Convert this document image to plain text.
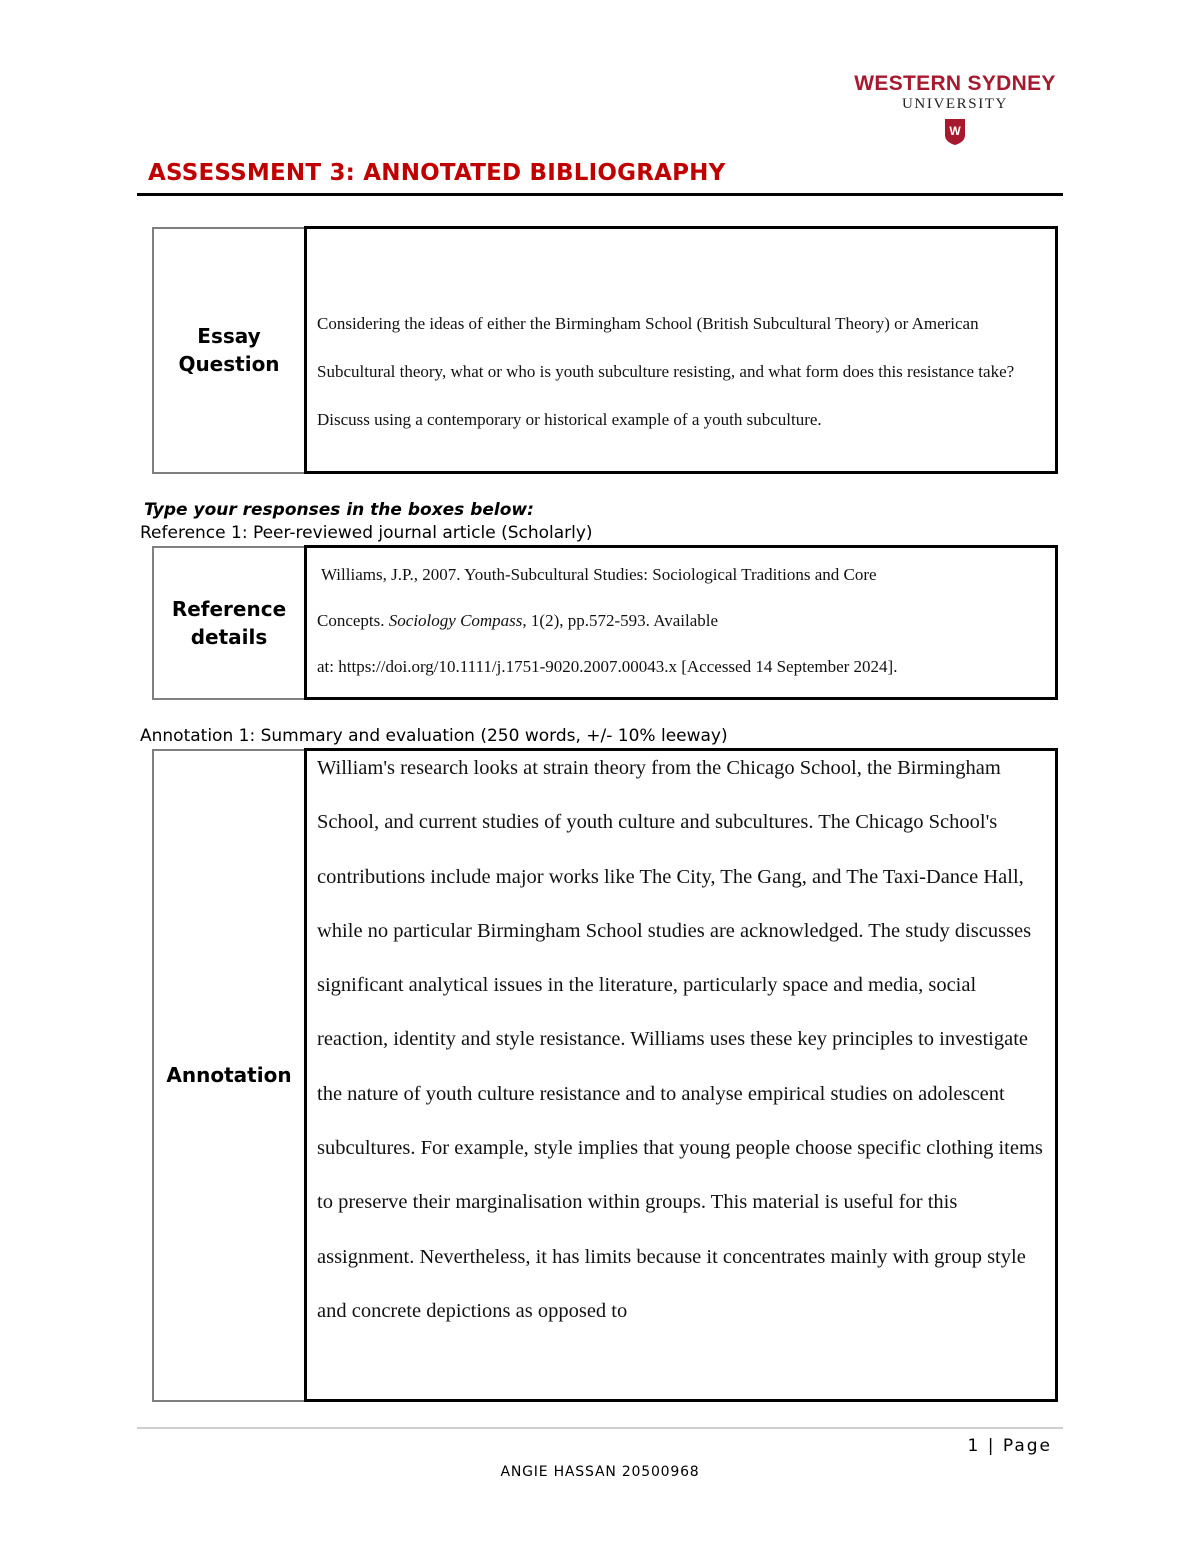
WESTERN SYDNEY
UNIVERSITY
W
ASSESSMENT 3: ANNOTATED BIBLIOGRAPHY
Essay
Question

Considering the ideas of either the Birmingham School (British Subcultural Theory) or American Subcultural theory, what or who is youth subculture resisting, and what form does this resistance take? Discuss using a contemporary or historical example of a youth subculture.
Type your responses in the boxes below:
Reference 1: Peer-reviewed journal article (Scholarly)
Reference
details

Williams, J.P., 2007. Youth-Subcultural Studies: Sociological Traditions and Core
Concepts. Sociology Compass, 1(2), pp.572-593. Available
at: https://doi.org/10.1111/j.1751-9020.2007.00043.x [Accessed 14 September 2024].
Annotation 1: Summary and evaluation (250 words, +/- 10% leeway)
Annotation

William's research looks at strain theory from the Chicago School, the Birmingham School, and current studies of youth culture and subcultures. The Chicago School's contributions include major works like The City, The Gang, and The Taxi-Dance Hall, while no particular Birmingham School studies are acknowledged. The study discusses significant analytical issues in the literature, particularly space and media, social reaction, identity and style resistance. Williams uses these key principles to investigate the nature of youth culture resistance and to analyse empirical studies on adolescent subcultures. For example, style implies that young people choose specific clothing items to preserve their marginalisation within groups. This material is useful for this assignment. Nevertheless, it has limits because it concentrates mainly with group style and concrete depictions as opposed to
1 | Page
ANGIE HASSAN 20500968
